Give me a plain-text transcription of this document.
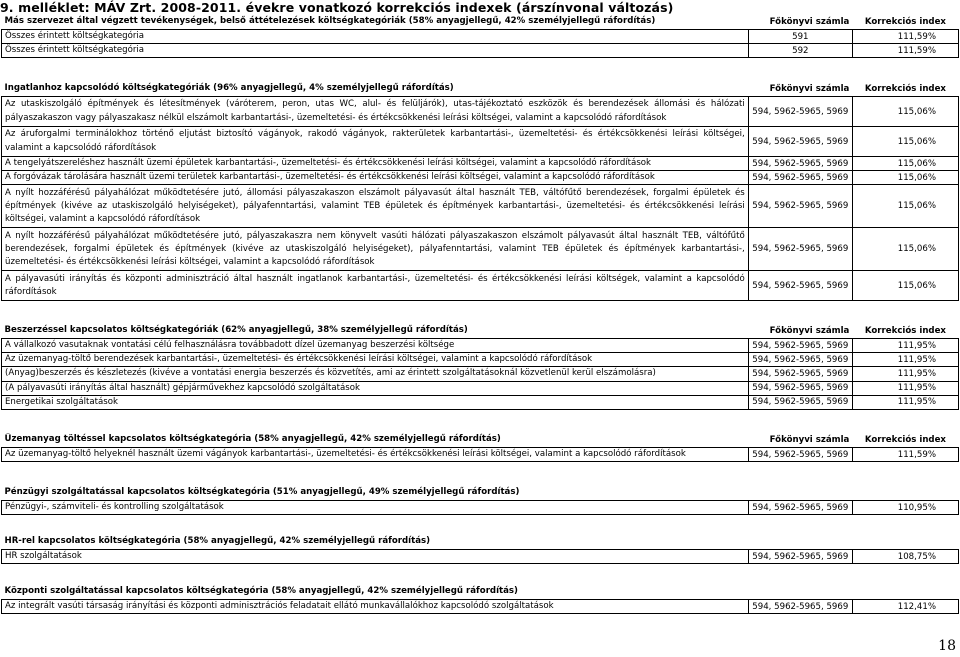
9. melléklet: MÁV Zrt. 2008-2011. évekre vonatkozó korrekciós indexek (árszínvonal változás)
Más szervezet által végzett tevékenységek, belső áttételezések költségkategóriák (58% anyagjellegű, 42% személyjellegű ráfordítás)	Főkönyvi számla	Korrekciós index
Összes érintett költségkategória	591	111,59%
Összes érintett költségkategória	592	111,59%
Ingatlanhoz kapcsolódó költségkategóriák (96% anyagjellegű, 4% személyjellegű ráfordítás)	Főkönyvi számla	Korrekciós index
Az utaskiszolgáló építmények és létesítmények (váróterem, peron, utas WC, alul- és felüljárók), utas-tájékoztató eszközök és berendezések állomási és hálózati pályaszakaszon vagy pályaszakasz nélkül elszámolt karbantartási-, üzemeltetési- és értékcsökkenési leírási költségei, valamint a kapcsolódó ráfordítások	594, 5962-5965, 5969	115,06%
Az áruforgalmi terminálokhoz történő eljutást biztosító vágányok, rakodó vágányok, rakterületek karbantartási-, üzemeltetési- és értékcsökkenési leírási költségei, valamint a kapcsolódó ráfordítások	594, 5962-5965, 5969	115,06%
A tengelyátszereléshez használt üzemi épületek karbantartási-, üzemeltetési- és értékcsökkenési leírási költségei, valamint a kapcsolódó ráfordítások	594, 5962-5965, 5969	115,06%
A forgóvázak tárolására használt üzemi területek karbantartási-, üzemeltetési- és értékcsökkenési leírási költségei, valamint a kapcsolódó ráfordítások	594, 5962-5965, 5969	115,06%
A nyílt hozzáférésű pályahálózat működtetésére jutó, állomási pályaszakaszon elszámolt pályavasút által használt TEB, váltófűtő berendezések, forgalmi épületek és építmények (kivéve az utaskiszolgáló helyiségeket), pályafenntartási, valamint TEB épületek és építmények karbantartási-, üzemeltetési- és értékcsökkenési leírási költségei, valamint a kapcsolódó ráfordítások	594, 5962-5965, 5969	115,06%
A nyílt hozzáférésű pályahálózat működtetésére jutó, pályaszakaszra nem könyvelt vasúti hálózati pályaszakaszon elszámolt pályavasút által használt TEB, váltófűtő berendezések, forgalmi épületek és építmények (kivéve az utaskiszolgáló helyiségeket), pályafenntartási, valamint TEB épületek és építmények karbantartási-, üzemeltetési- és értékcsökkenési leírási költségei, valamint a kapcsolódó ráfordítások	594, 5962-5965, 5969	115,06%
A pályavasúti irányítás és központi adminisztráció által használt ingatlanok karbantartási-, üzemeltetési- és értékcsökkenési leírási költségek, valamint a kapcsolódó ráfordítások	594, 5962-5965, 5969	115,06%
Beszerzéssel kapcsolatos költségkategóriák (62% anyagjellegű, 38% személyjellegű ráfordítás)	Főkönyvi számla	Korrekciós index
A vállalkozó vasutaknak vontatási célú felhasználásra továbbadott dízel üzemanyag beszerzési költsége	594, 5962-5965, 5969	111,95%
Az üzemanyag-töltő berendezések karbantartási-, üzemeltetési- és értékcsökkenési leírási költségei, valamint a kapcsolódó ráfordítások	594, 5962-5965, 5969	111,95%
(Anyag)beszerzés és készletezés (kivéve a vontatási energia beszerzés és közvetítés, ami az érintett szolgáltatásoknál közvetlenül kerül elszámolásra)	594, 5962-5965, 5969	111,95%
(A pályavasúti irányítás által használt) gépjárművekhez kapcsolódó szolgáltatások	594, 5962-5965, 5969	111,95%
Energetikai szolgáltatások	594, 5962-5965, 5969	111,95%
Üzemanyag töltéssel kapcsolatos költségkategória (58% anyagjellegű, 42% személyjellegű ráfordítás)	Főkönyvi számla	Korrekciós index
Az üzemanyag-töltő helyeknél használt üzemi vágányok karbantartási-, üzemeltetési- és értékcsökkenési leírási költségei, valamint a kapcsolódó ráfordítások	594, 5962-5965, 5969	111,59%
Pénzügyi szolgáltatással kapcsolatos költségkategória (51% anyagjellegű, 49% személyjellegű ráfordítás)		
Pénzügyi-, számviteli- és kontrolling szolgáltatások	594, 5962-5965, 5969	110,95%
HR-rel kapcsolatos költségkategória (58% anyagjellegű, 42% személyjellegű ráfordítás)		
HR szolgáltatások	594, 5962-5965, 5969	108,75%
Központi szolgáltatással kapcsolatos költségkategória (58% anyagjellegű, 42% személyjellegű ráfordítás)		
Az integrált vasúti társaság irányítási és központi adminisztrációs feladatait ellátó munkavállalókhoz kapcsolódó szolgáltatások	594, 5962-5965, 5969	112,41%
18
